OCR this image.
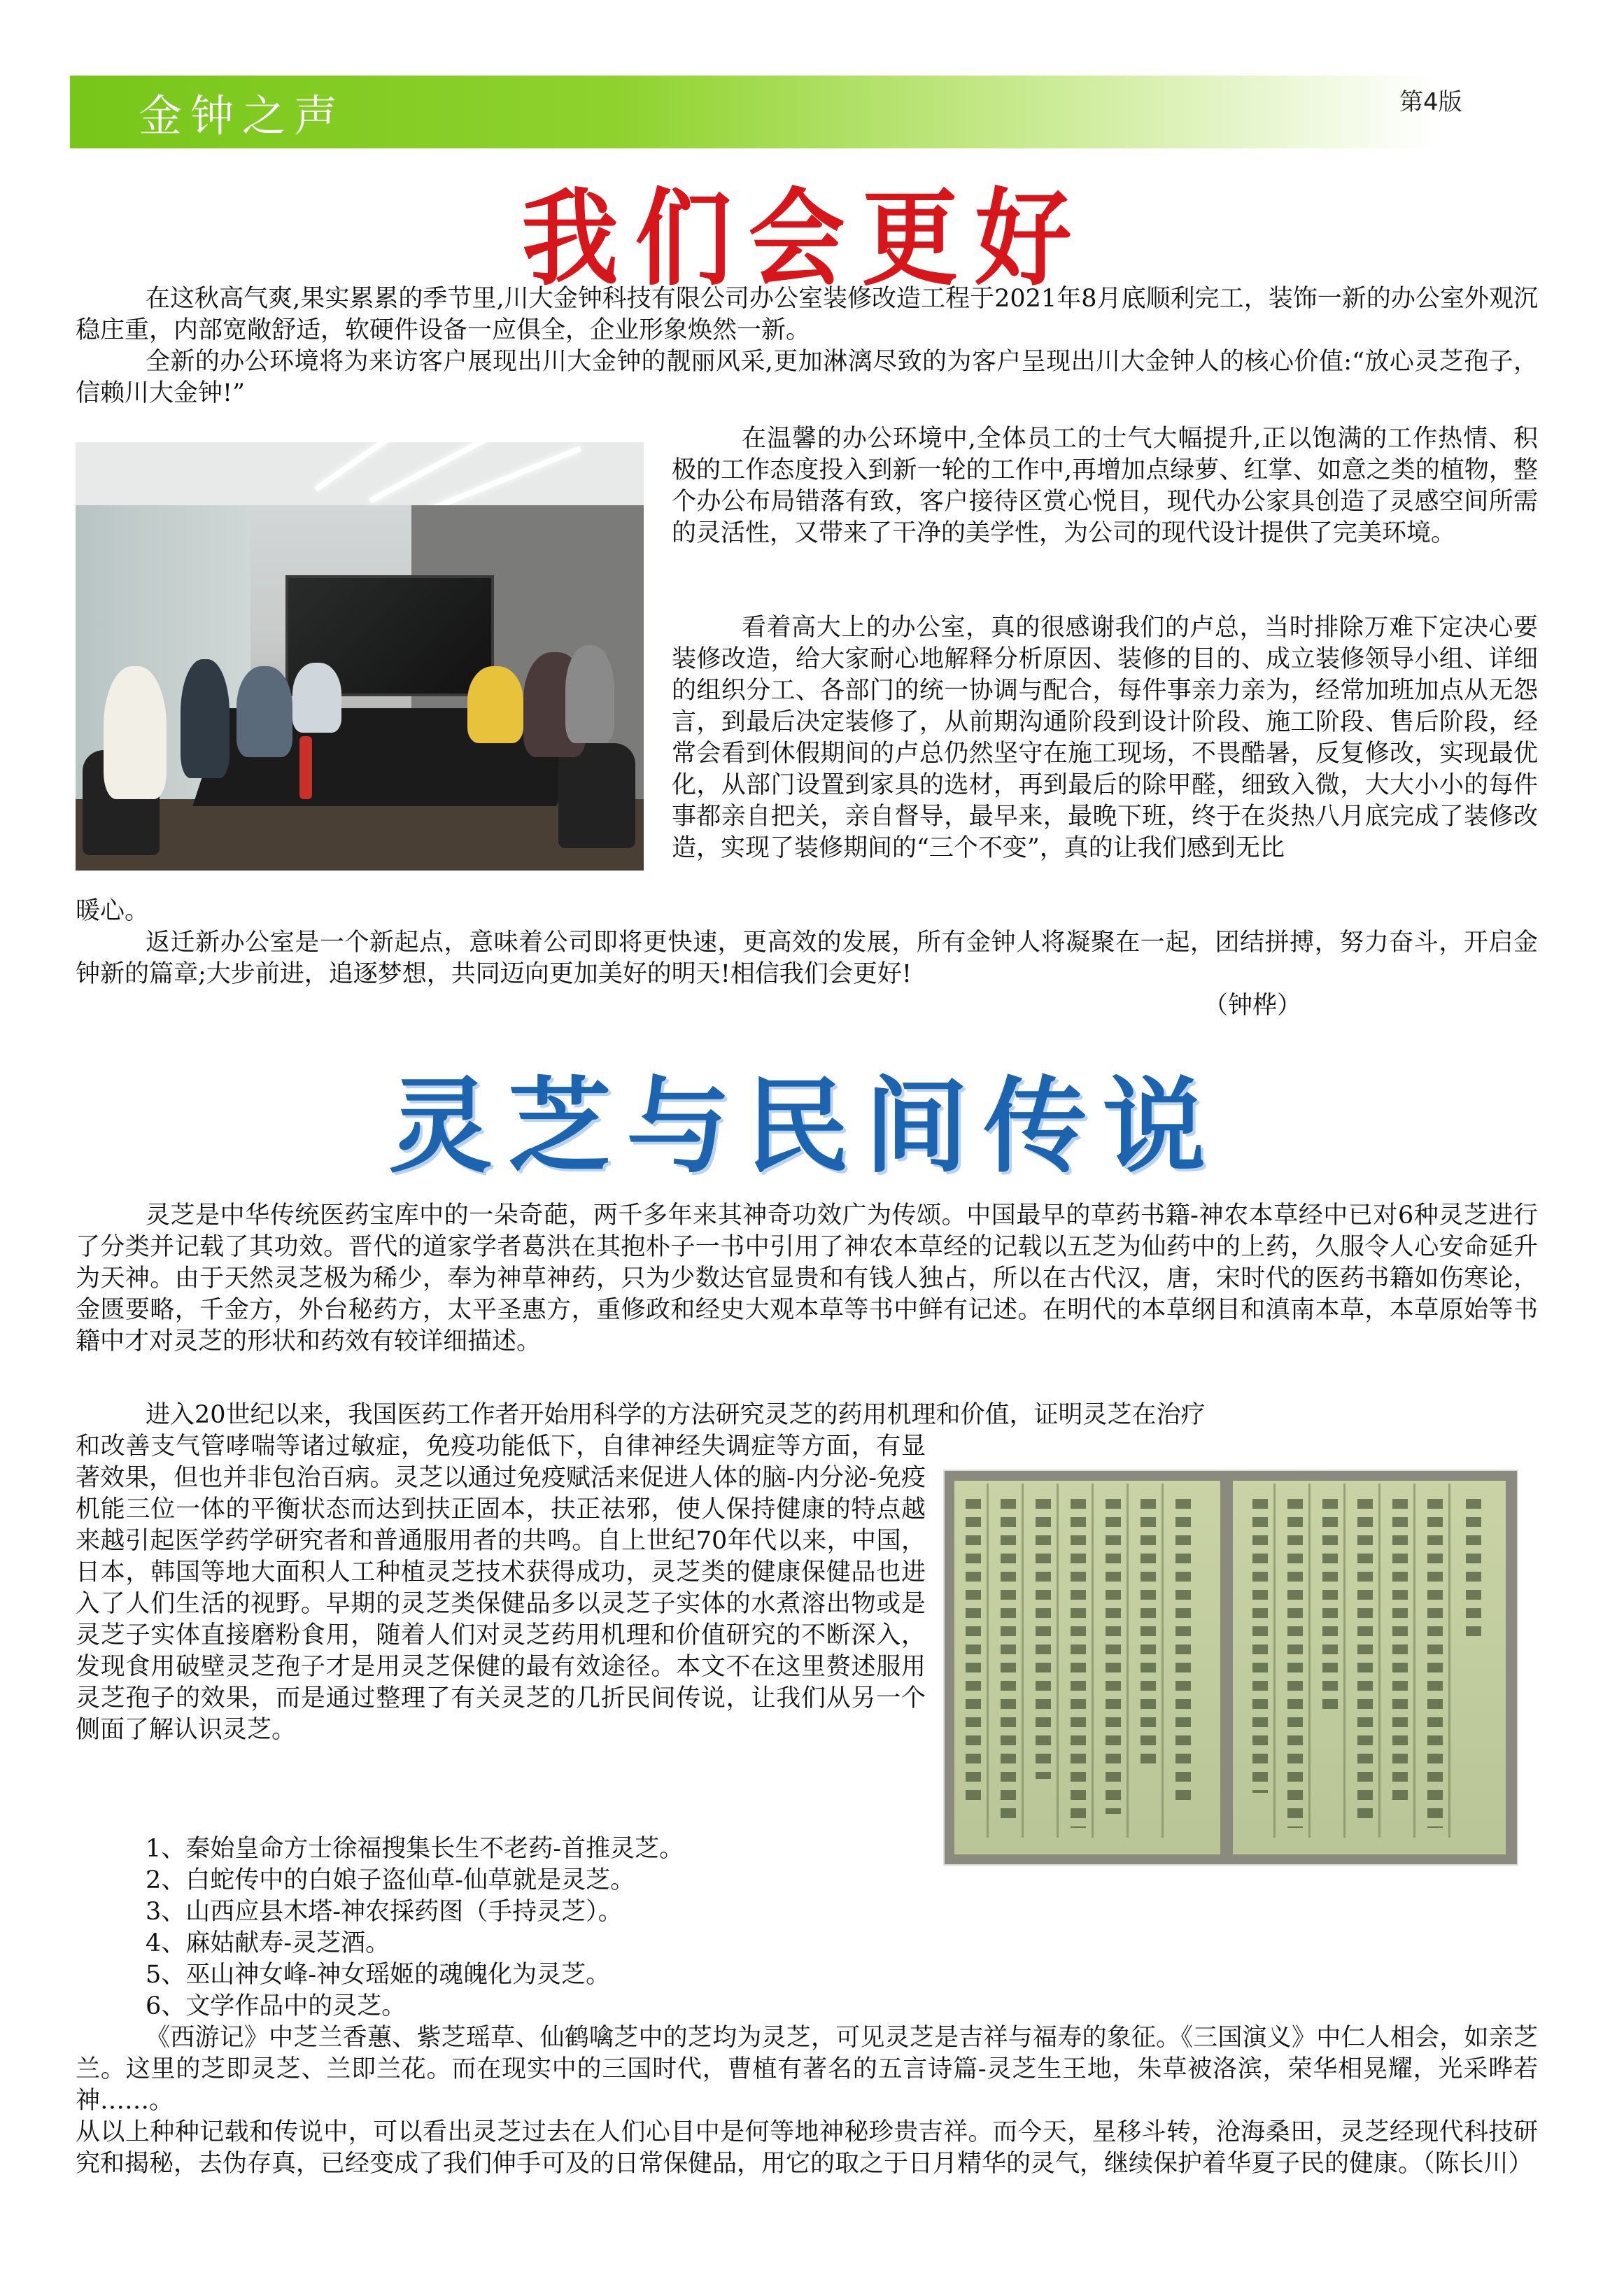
金钟之声	第4版
我们会更好

在这秋高气爽,果实累累的季节里,川大金钟科技有限公司办公室装修改造工程于2021年8月底顺利完工，装饰一新的办公室外观沉稳庄重，内部宽敞舒适，软硬件设备一应俱全，企业形象焕然一新。

全新的办公环境将为来访客户展现出川大金钟的靓丽风采,更加淋漓尽致的为客户呈现出川大金钟人的核心价值:“放心灵芝孢子，信赖川大金钟!”

在温馨的办公环境中,全体员工的士气大幅提升,正以饱满的工作热情、积极的工作态度投入到新一轮的工作中,再增加点绿萝、红掌、如意之类的植物，整个办公布局错落有致，客户接待区赏心悦目，现代办公家具创造了灵感空间所需的灵活性，又带来了干净的美学性，为公司的现代设计提供了完美环境。

看着高大上的办公室，真的很感谢我们的卢总，当时排除万难下定决心要装修改造，给大家耐心地解释分析原因、装修的目的、成立装修领导小组、详细的组织分工、各部门的统一协调与配合，每件事亲力亲为，经常加班加点从无怨言，到最后决定装修了，从前期沟通阶段到设计阶段、施工阶段、售后阶段，经常会看到休假期间的卢总仍然坚守在施工现场，不畏酷暑，反复修改，实现最优化，从部门设置到家具的选材，再到最后的除甲醛，细致入微，大大小小的每件事都亲自把关，亲自督导，最早来，最晚下班，终于在炎热八月底完成了装修改造，实现了装修期间的“三个不变”，真的让我们感到无比

暖心。

返迁新办公室是一个新起点，意味着公司即将更快速，更高效的发展，所有金钟人将凝聚在一起，团结拼搏，努力奋斗，开启金钟新的篇章;大步前进，追逐梦想，共同迈向更加美好的明天!相信我们会更好!

（钟桦）

灵芝与民间传说

灵芝是中华传统医药宝库中的一朵奇葩，两千多年来其神奇功效广为传颂。中国最早的草药书籍-神农本草经中已对6种灵芝进行了分类并记载了其功效。晋代的道家学者葛洪在其抱朴子一书中引用了神农本草经的记载以五芝为仙药中的上药，久服令人心安命延升为天神。由于天然灵芝极为稀少，奉为神草神药，只为少数达官显贵和有钱人独占，所以在古代汉，唐，宋时代的医药书籍如伤寒论，金匮要略，千金方，外台秘药方，太平圣惠方，重修政和经史大观本草等书中鲜有记述。在明代的本草纲目和滇南本草，本草原始等书籍中才对灵芝的形状和药效有较详细描述。

进入20世纪以来，我国医药工作者开始用科学的方法研究灵芝的药用机理和价值，证明灵芝在治疗

和改善支气管哮喘等诸过敏症，免疫功能低下，自律神经失调症等方面，有显著效果，但也并非包治百病。灵芝以通过免疫赋活来促进人体的脑-内分泌-免疫机能三位一体的平衡状态而达到扶正固本，扶正祛邪，使人保持健康的特点越来越引起医学药学研究者和普通服用者的共鸣。自上世纪70年代以来，中国，日本，韩国等地大面积人工种植灵芝技术获得成功，灵芝类的健康保健品也进入了人们生活的视野。早期的灵芝类保健品多以灵芝子实体的水煮溶出物或是灵芝子实体直接磨粉食用，随着人们对灵芝药用机理和价值研究的不断深入，发现食用破壁灵芝孢子才是用灵芝保健的最有效途径。本文不在这里赘述服用灵芝孢子的效果，而是通过整理了有关灵芝的几折民间传说，让我们从另一个侧面了解认识灵芝。

1、秦始皇命方士徐福搜集长生不老药-首推灵芝。

2、白蛇传中的白娘子盗仙草-仙草就是灵芝。

3、山西应县木塔-神农採药图（手持灵芝）。

4、麻姑献寿-灵芝酒。

5、巫山神女峰-神女瑶姬的魂魄化为灵芝。

6、文学作品中的灵芝。

《西游记》中芝兰香蕙、紫芝瑶草、仙鹤噙芝中的芝均为灵芝，可见灵芝是吉祥与福寿的象征。《三国演义》中仁人相会，如亲芝兰。这里的芝即灵芝、兰即兰花。而在现实中的三国时代，曹植有著名的五言诗篇-灵芝生王地，朱草被洛滨，荣华相晃耀，光采晔若神‥‥‥。

从以上种种记载和传说中，可以看出灵芝过去在人们心目中是何等地神秘珍贵吉祥。而今天，星移斗转，沧海桑田，灵芝经现代科技研究和揭秘，去伪存真，已经变成了我们伸手可及的日常保健品，用它的取之于日月精华的灵气，继续保护着华夏子民的健康。（陈长川）
